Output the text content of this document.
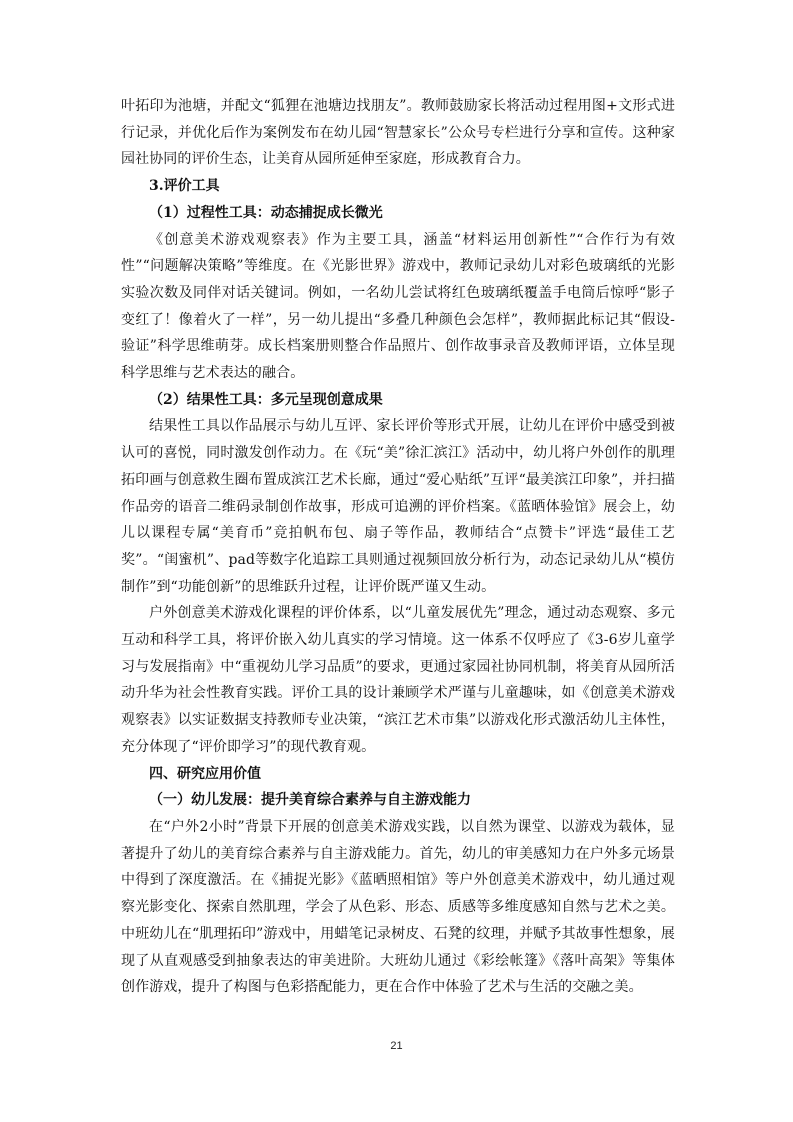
叶拓印为池塘，并配文“狐狸在池塘边找朋友”。教师鼓励家长将活动过程用图+文形式进行记录，并优化后作为案例发布在幼儿园“智慧家长”公众号专栏进行分享和宣传。这种家园社协同的评价生态，让美育从园所延伸至家庭，形成教育合力。

3.评价工具

（1）过程性工具：动态捕捉成长微光

《创意美术游戏观察表》作为主要工具，涵盖“材料运用创新性”“合作行为有效性”“问题解决策略”等维度。在《光影世界》游戏中，教师记录幼儿对彩色玻璃纸的光影实验次数及同伴对话关键词。例如，一名幼儿尝试将红色玻璃纸覆盖手电筒后惊呼“影子变红了！像着火了一样”，另一幼儿提出“多叠几种颜色会怎样”，教师据此标记其“假设-验证”科学思维萌芽。成长档案册则整合作品照片、创作故事录音及教师评语，立体呈现科学思维与艺术表达的融合。

（2）结果性工具：多元呈现创意成果

结果性工具以作品展示与幼儿互评、家长评价等形式开展，让幼儿在评价中感受到被认可的喜悦，同时激发创作动力。在《玩“美”徐汇滨江》活动中，幼儿将户外创作的肌理拓印画与创意救生圈布置成滨江艺术长廊，通过“爱心贴纸”互评“最美滨江印象”，并扫描作品旁的语音二维码录制创作故事，形成可追溯的评价档案。《蓝晒体验馆》展会上，幼儿以课程专属“美育币”竞拍帆布包、扇子等作品，教师结合“点赞卡”评选“最佳工艺奖”。“闺蜜机”、pad等数字化追踪工具则通过视频回放分析行为，动态记录幼儿从“模仿制作”到“功能创新”的思维跃升过程，让评价既严谨又生动。

户外创意美术游戏化课程的评价体系，以“儿童发展优先”理念，通过动态观察、多元互动和科学工具，将评价嵌入幼儿真实的学习情境。这一体系不仅呼应了《3-6岁儿童学习与发展指南》中“重视幼儿学习品质”的要求，更通过家园社协同机制，将美育从园所活动升华为社会性教育实践。评价工具的设计兼顾学术严谨与儿童趣味，如《创意美术游戏观察表》以实证数据支持教师专业决策，“滨江艺术市集”以游戏化形式激活幼儿主体性，充分体现了“评价即学习”的现代教育观。

四、研究应用价值

（一）幼儿发展：提升美育综合素养与自主游戏能力

在“户外2小时”背景下开展的创意美术游戏实践，以自然为课堂、以游戏为载体，显著提升了幼儿的美育综合素养与自主游戏能力。首先，幼儿的审美感知力在户外多元场景中得到了深度激活。在《捕捉光影》《蓝晒照相馆》等户外创意美术游戏中，幼儿通过观察光影变化、探索自然肌理，学会了从色彩、形态、质感等多维度感知自然与艺术之美。中班幼儿在“肌理拓印”游戏中，用蜡笔记录树皮、石凳的纹理，并赋予其故事性想象，展现了从直观感受到抽象表达的审美进阶。大班幼儿通过《彩绘帐篷》《落叶高架》等集体创作游戏，提升了构图与色彩搭配能力，更在合作中体验了艺术与生活的交融之美。

21
